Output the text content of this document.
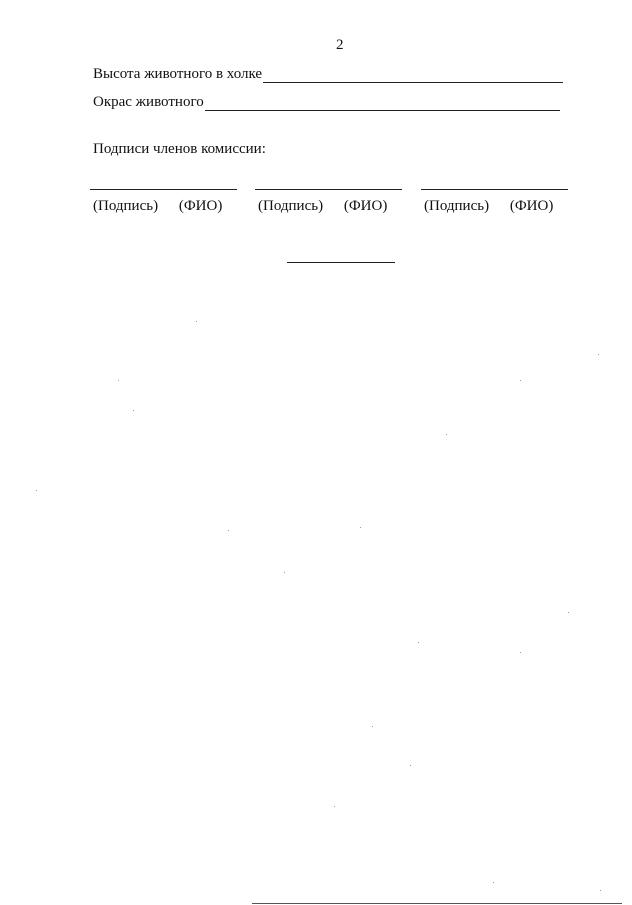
2
Высота животного в холке
Окрас животного
Подписи членов комиссии:
(Подпись) (ФИО) (Подпись) (ФИО) (Подпись) (ФИО)
